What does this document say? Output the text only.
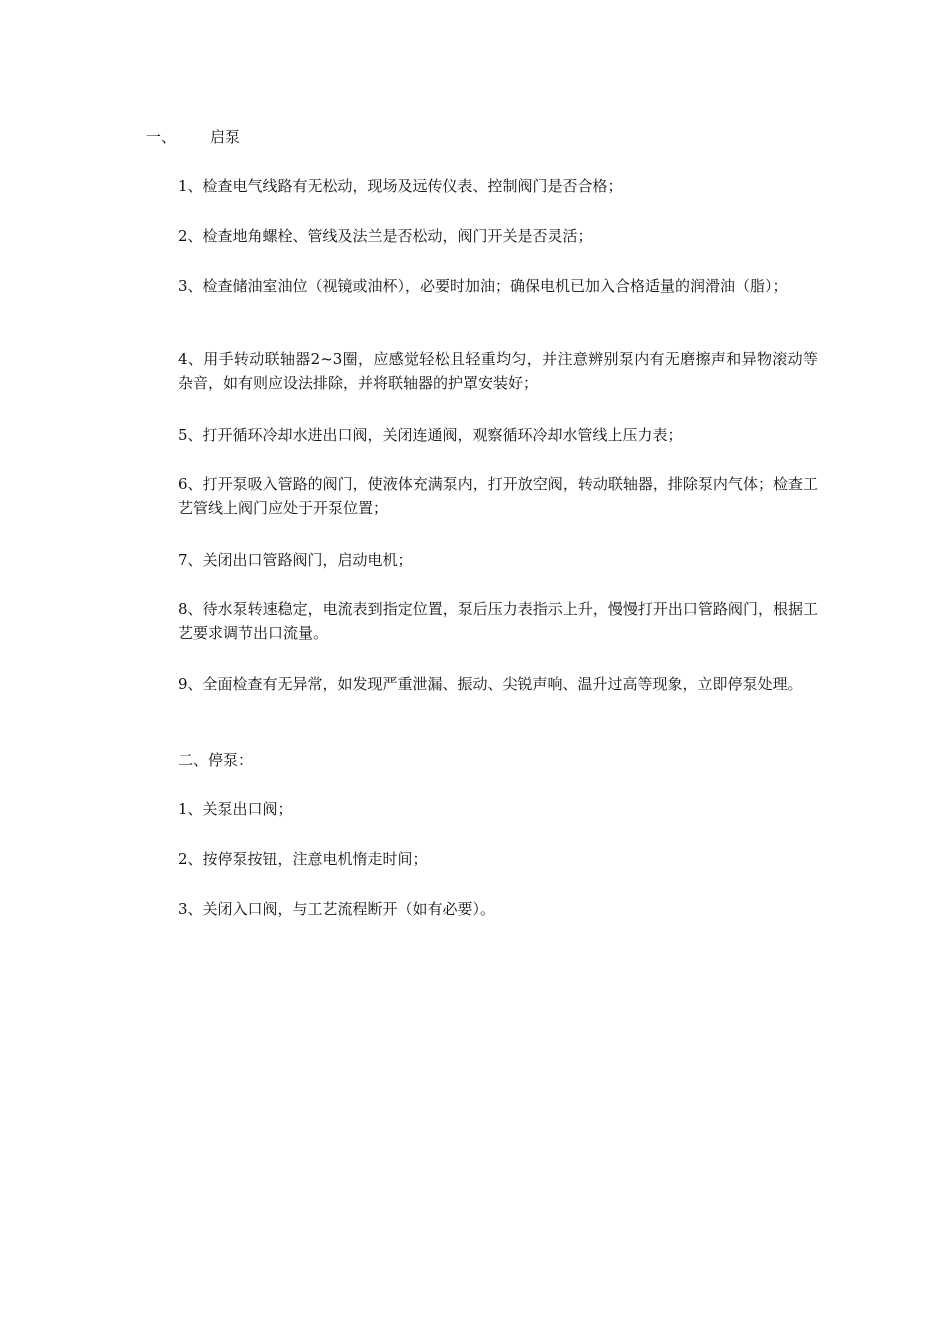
一、 启泵

1、检查电气线路有无松动，现场及远传仪表、控制阀门是否合格；

2、检查地角螺栓、管线及法兰是否松动，阀门开关是否灵活；

3、检查储油室油位（视镜或油杯），必要时加油；确保电机已加入合格适量的润滑油（脂）；

4、用手转动联轴器2~3圈，应感觉轻松且轻重均匀，并注意辨别泵内有无磨擦声和异物滚动等杂音，如有则应设法排除，并将联轴器的护罩安装好；

5、打开循环冷却水进出口阀，关闭连通阀，观察循环冷却水管线上压力表；

6、打开泵吸入管路的阀门，使液体充满泵内，打开放空阀，转动联轴器，排除泵内气体；检查工艺管线上阀门应处于开泵位置；

7、关闭出口管路阀门，启动电机；

8、待水泵转速稳定，电流表到指定位置，泵后压力表指示上升，慢慢打开出口管路阀门，根据工艺要求调节出口流量。

9、全面检查有无异常，如发现严重泄漏、振动、尖锐声响、温升过高等现象，立即停泵处理。

二、停泵：

1、关泵出口阀；

2、按停泵按钮，注意电机惰走时间；

3、关闭入口阀，与工艺流程断开（如有必要）。
